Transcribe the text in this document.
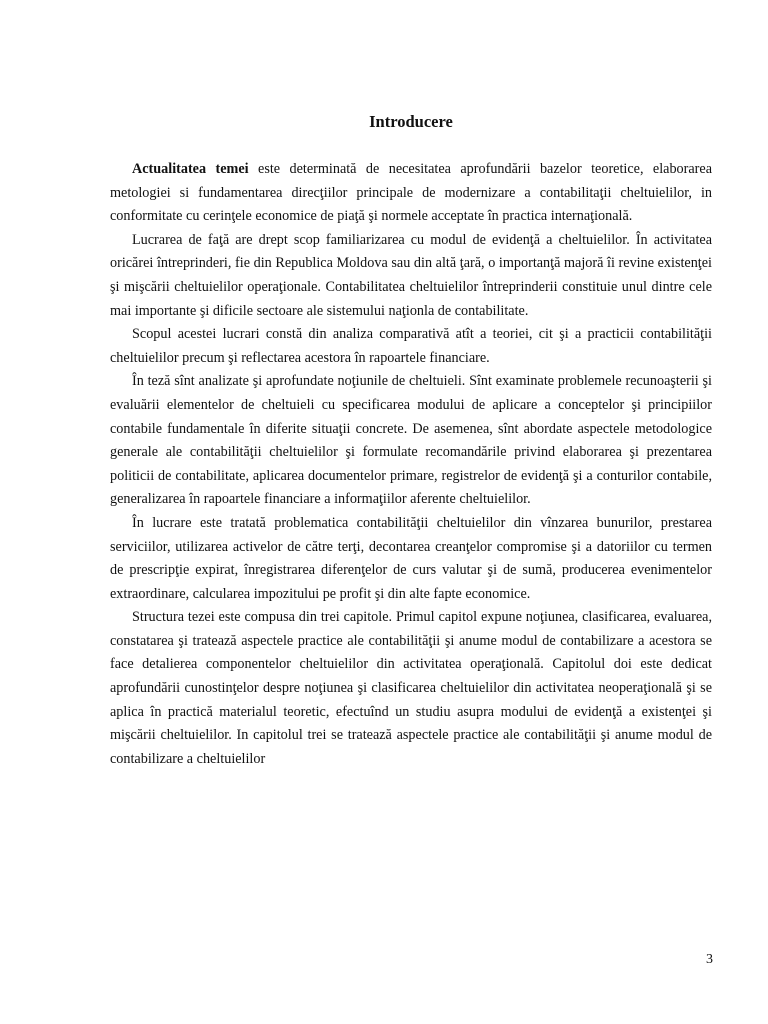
Introducere

Actualitatea temei este determinată de necesitatea aprofundării bazelor teoretice, elaborarea metologiei si fundamentarea direcţiilor principale de modernizare a contabilitaţii cheltuielilor, in conformitate cu cerinţele economice de piaţă şi normele acceptate în practica internaţională.

Lucrarea de faţă are drept scop familiarizarea cu modul de evidenţă a cheltuielilor. În activitatea oricărei întreprinderi, fie din Republica Moldova sau din altă ţară, o importanţă majoră îi revine existenţei şi mişcării cheltuielilor operaţionale. Contabilitatea cheltuielilor întreprinderii constituie unul dintre cele mai importante şi dificile sectoare ale sistemului naţionla de contabilitate.

Scopul acestei lucrari constă din analiza comparativă atît a teoriei, cit şi a practicii contabilităţii cheltuielilor precum şi reflectarea acestora în rapoartele financiare.

În teză sînt analizate şi aprofundate noţiunile de cheltuieli. Sînt examinate problemele recunoaşterii şi evaluării elementelor de cheltuieli cu specificarea modului de aplicare a conceptelor şi principiilor contabile fundamentale în diferite situaţii concrete. De asemenea, sînt abordate aspectele metodologice generale ale contabilităţii cheltuielilor şi formulate recomandările privind elaborarea şi prezentarea politicii de contabilitate, aplicarea documentelor primare, registrelor de evidenţă şi a conturilor contabile, generalizarea în rapoartele financiare a informaţiilor aferente cheltuielilor.

În lucrare este tratată problematica contabilităţii cheltuielilor din vînzarea bunurilor, prestarea serviciilor, utilizarea activelor de către terţi, decontarea creanţelor compromise şi a datoriilor cu termen de prescripţie expirat, înregistrarea diferenţelor de curs valutar şi de sumă, producerea evenimentelor extraordinare, calcularea impozitului pe profit şi din alte fapte economice.

Structura tezei este compusa din trei capitole. Primul capitol expune noţiunea, clasificarea, evaluarea, constatarea şi tratează aspectele practice ale contabilităţii şi anume modul de contabilizare a acestora se face detalierea componentelor cheltuielilor din activitatea operaţională. Capitolul doi este dedicat aprofundării cunostinţelor despre noţiunea şi clasificarea cheltuielilor din activitatea neoperaţională şi se aplica în practică materialul teoretic, efectuînd un studiu asupra modului de evidenţă a existenţei şi mişcării cheltuielilor. In capitolul trei se tratează aspectele practice ale contabilităţii şi anume modul de contabilizare a cheltuielilor

3
